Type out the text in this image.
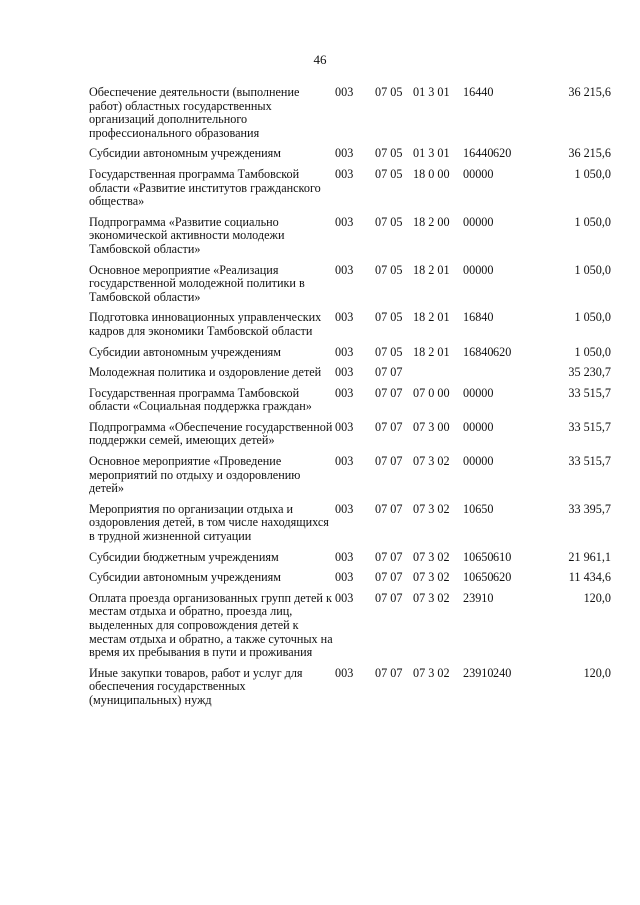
46
Обеспечение деятельности (выполнение работ) областных государственных организаций дополнительного профессионального образования	003	07 05	01 3 01	16440		36 215,6
Субсидии автономным учреждениям	003	07 05	01 3 01	16440	620	36 215,6
Государственная программа Тамбовской области «Развитие институтов гражданского общества»	003	07 05	18 0 00	00000		1 050,0
Подпрограмма «Развитие социально экономической активности молодежи Тамбовской области»	003	07 05	18 2 00	00000		1 050,0
Основное мероприятие «Реализация государственной молодежной политики в Тамбовской области»	003	07 05	18 2 01	00000		1 050,0
Подготовка инновационных управленческих кадров для экономики Тамбовской области	003	07 05	18 2 01	16840		1 050,0
Субсидии автономным учреждениям	003	07 05	18 2 01	16840	620	1 050,0
Молодежная политика и оздоровление детей	003	07 07				35 230,7
Государственная программа Тамбовской области «Социальная поддержка граждан»	003	07 07	07 0 00	00000		33 515,7
Подпрограмма «Обеспечение государственной поддержки семей, имеющих детей»	003	07 07	07 3 00	00000		33 515,7
Основное мероприятие «Проведение мероприятий по отдыху и оздоровлению детей»	003	07 07	07 3 02	00000		33 515,7
Мероприятия по организации отдыха и оздоровления детей, в том числе находящихся в трудной жизненной ситуации	003	07 07	07 3 02	10650		33 395,7
Субсидии бюджетным учреждениям	003	07 07	07 3 02	10650	610	21 961,1
Субсидии автономным учреждениям	003	07 07	07 3 02	10650	620	11 434,6
Оплата проезда организованных групп детей к местам отдыха и обратно, проезда лиц, выделенных для сопровождения детей к местам отдыха и обратно, а также суточных на время их пребывания в пути и проживания	003	07 07	07 3 02	23910		120,0
Иные закупки товаров, работ и услуг для обеспечения государственных (муниципальных) нужд	003	07 07	07 3 02	23910	240	120,0
